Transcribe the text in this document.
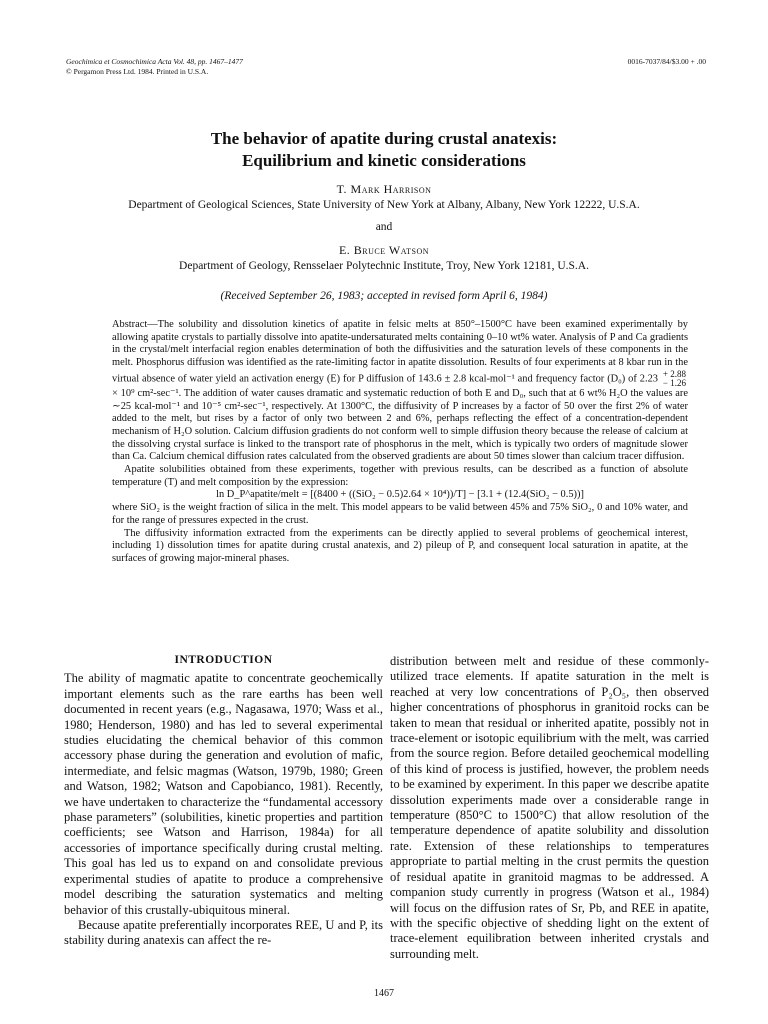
Geochimica et Cosmochimica Acta Vol. 48, pp. 1467–1477
© Pergamon Press Ltd. 1984. Printed in U.S.A.
0016-7037/84/$3.00 + .00
The behavior of apatite during crustal anatexis:
Equilibrium and kinetic considerations
T. Mark Harrison
Department of Geological Sciences, State University of New York at Albany, Albany, New York 12222, U.S.A.
and
E. Bruce Watson
Department of Geology, Rensselaer Polytechnic Institute, Troy, New York 12181, U.S.A.
(Received September 26, 1983; accepted in revised form April 6, 1984)

Abstract—The solubility and dissolution kinetics of apatite in felsic melts at 850°–1500°C have been examined experimentally by allowing apatite crystals to partially dissolve into apatite-undersaturated melts containing 0–10 wt% water. Analysis of P and Ca gradients in the crystal/melt interfacial region enables determination of both the diffusivities and the saturation levels of these components in the melt. Phosphorus diffusion was identified as the rate-limiting factor in apatite dissolution. Results of four experiments at 8 kbar run in the virtual absence of water yield an activation energy (E) for P diffusion of 143.6 ± 2.8 kcal-mol⁻¹ and frequency factor (D₀) of 2.23 + 2.88
− 1.26 × 10⁹ cm²-sec⁻¹. The addition of water causes dramatic and systematic reduction of both E and D₀, such that at 6 wt% H₂O the values are ∼25 kcal-mol⁻¹ and 10⁻⁵ cm²-sec⁻¹, respectively. At 1300°C, the diffusivity of P increases by a factor of 50 over the first 2% of water added to the melt, but rises by a factor of only two between 2 and 6%, perhaps reflecting the effect of a concentration-dependent mechanism of H₂O solution. Calcium diffusion gradients do not conform well to simple diffusion theory because the release of calcium at the dissolving crystal surface is linked to the transport rate of phosphorus in the melt, which is typically two orders of magnitude slower than Ca. Calcium chemical diffusion rates calculated from the observed gradients are about 50 times slower than calcium tracer diffusion.

Apatite solubilities obtained from these experiments, together with previous results, can be described as a function of absolute temperature (T) and melt composition by the expression:

ln D_P^apatite/melt = [(8400 + ((SiO₂ − 0.5)2.64 × 10⁴))/T] − [3.1 + (12.4(SiO₂ − 0.5))]

where SiO₂ is the weight fraction of silica in the melt. This model appears to be valid between 45% and 75% SiO₂, 0 and 10% water, and for the range of pressures expected in the crust.

The diffusivity information extracted from the experiments can be directly applied to several problems of geochemical interest, including 1) dissolution times for apatite during crustal anatexis, and 2) pileup of P, and consequent local saturation in apatite, at the surfaces of growing major-mineral phases.

INTRODUCTION

The ability of magmatic apatite to concentrate geochemically important elements such as the rare earths has been well documented in recent years (e.g., Nagasawa, 1970; Wass et al., 1980; Henderson, 1980) and has led to several experimental studies elucidating the chemical behavior of this common accessory phase during the generation and evolution of mafic, intermediate, and felsic magmas (Watson, 1979b, 1980; Green and Watson, 1982; Watson and Capobianco, 1981). Recently, we have undertaken to characterize the “fundamental accessory phase parameters” (solubilities, kinetic properties and partition coefficients; see Watson and Harrison, 1984a) for all accessories of importance specifically during crustal melting. This goal has led us to expand on and consolidate previous experimental studies of apatite to produce a comprehensive model describing the saturation systematics and melting behavior of this crustally-ubiquitous mineral.

Because apatite preferentially incorporates REE, U and P, its stability during anatexis can affect the re-

distribution between melt and residue of these commonly-utilized trace elements. If apatite saturation in the melt is reached at very low concentrations of P₂O₅, then observed higher concentrations of phosphorus in granitoid rocks can be taken to mean that residual or inherited apatite, possibly not in trace-element or isotopic equilibrium with the melt, was carried from the source region. Before detailed geochemical modelling of this kind of process is justified, however, the problem needs to be examined by experiment. In this paper we describe apatite dissolution experiments made over a considerable range in temperature (850°C to 1500°C) that allow resolution of the temperature dependence of apatite solubility and dissolution rate. Extension of these relationships to temperatures appropriate to partial melting in the crust permits the question of residual apatite in granitoid magmas to be addressed. A companion study currently in progress (Watson et al., 1984) will focus on the diffusion rates of Sr, Pb, and REE in apatite, with the specific objective of shedding light on the extent of trace-element equilibration between inherited crystals and surrounding melt.

1467
